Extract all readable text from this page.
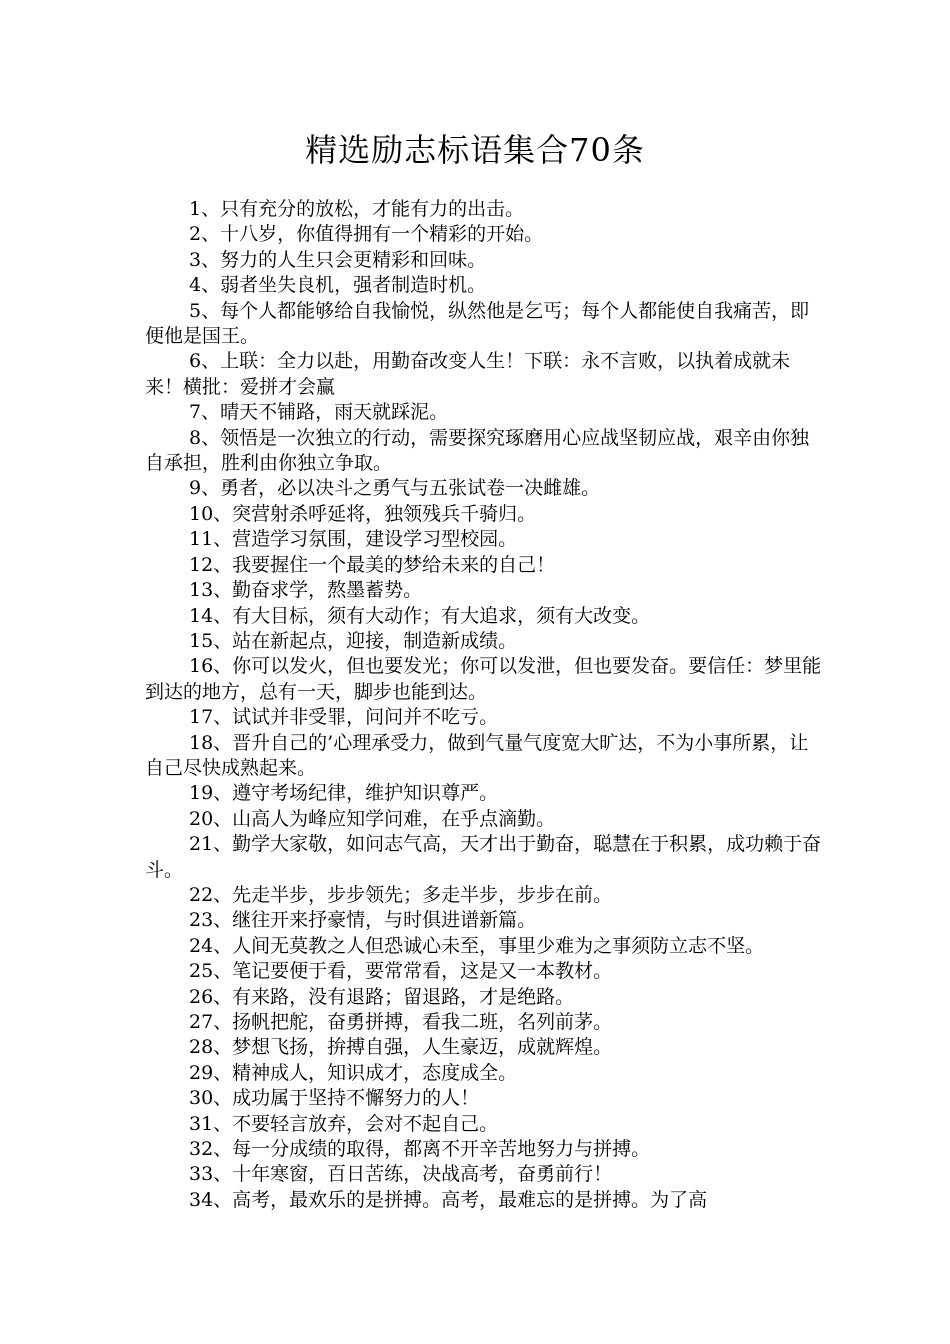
精选励志标语集合70条

1、只有充分的放松，才能有力的出击。

2、十八岁，你值得拥有一个精彩的开始。

3、努力的人生只会更精彩和回味。

4、弱者坐失良机，强者制造时机。

5、每个人都能够给自我愉悦，纵然他是乞丐；每个人都能使自我痛苦，即便他是国王。

6、上联：全力以赴，用勤奋改变人生！下联：永不言败，以执着成就未来！横批：爱拼才会赢

7、晴天不铺路，雨天就踩泥。

8、领悟是一次独立的行动，需要探究琢磨用心应战坚韧应战，艰辛由你独自承担，胜利由你独立争取。

9、勇者，必以决斗之勇气与五张试卷一决雌雄。

10、突营射杀呼延将，独领残兵千骑归。

11、营造学习氛围，建设学习型校园。

12、我要握住一个最美的梦给未来的自己！

13、勤奋求学，熬墨蓄势。

14、有大目标，须有大动作；有大追求，须有大改变。

15、站在新起点，迎接，制造新成绩。

16、你可以发火，但也要发光；你可以发泄，但也要发奋。要信任：梦里能到达的地方，总有一天，脚步也能到达。

17、试试并非受罪，问问并不吃亏。

18、晋升自己的’心理承受力，做到气量气度宽大旷达，不为小事所累，让自己尽快成熟起来。

19、遵守考场纪律，维护知识尊严。

20、山高人为峰应知学问难，在乎点滴勤。

21、勤学大家敬，如问志气高，天才出于勤奋，聪慧在于积累，成功赖于奋斗。

22、先走半步，步步领先；多走半步，步步在前。

23、继往开来抒豪情，与时俱进谱新篇。

24、人间无莫教之人但恐诚心未至，事里少难为之事须防立志不坚。

25、笔记要便于看，要常常看，这是又一本教材。

26、有来路，没有退路；留退路，才是绝路。

27、扬帆把舵，奋勇拼搏，看我二班，名列前茅。

28、梦想飞扬，拚搏自强，人生豪迈，成就辉煌。

29、精神成人，知识成才，态度成全。

30、成功属于坚持不懈努力的人！

31、不要轻言放弃，会对不起自己。

32、每一分成绩的取得，都离不开辛苦地努力与拼搏。

33、十年寒窗，百日苦练，决战高考，奋勇前行！

34、高考，最欢乐的是拼搏。高考，最难忘的是拼搏。为了高
